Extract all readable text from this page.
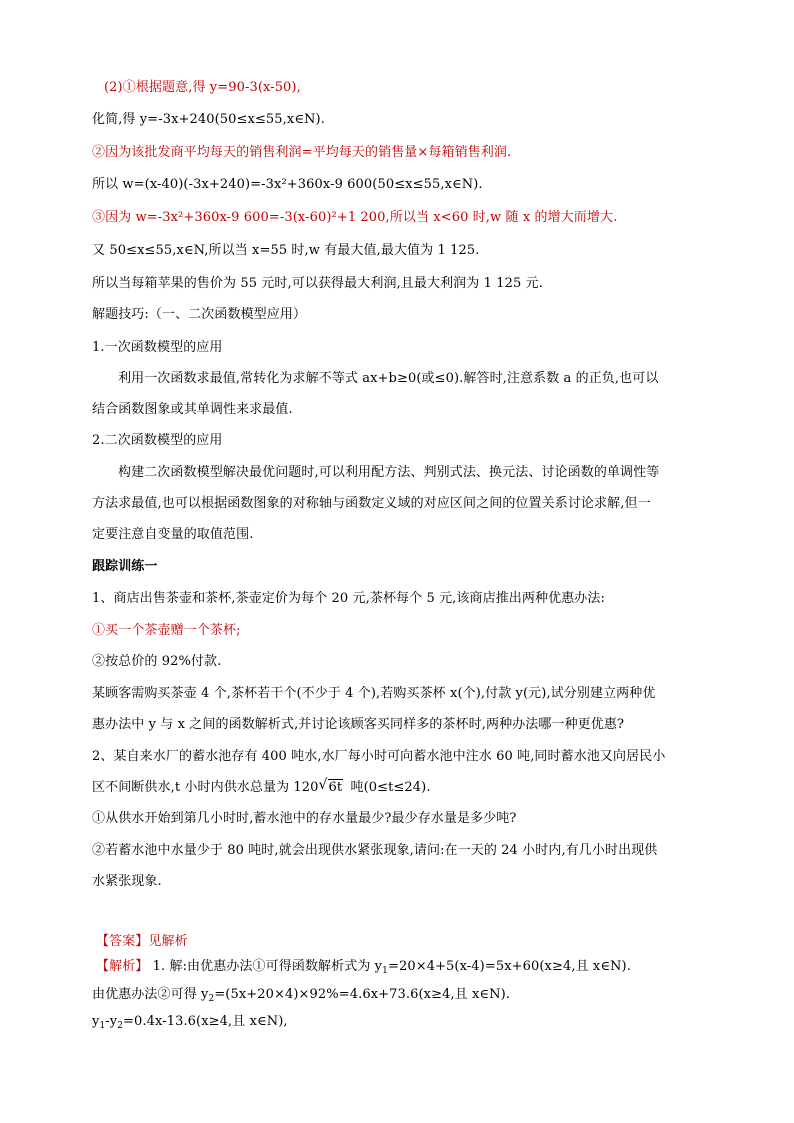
(2)①根据题意,得 y=90-3(x-50),
化简,得 y=-3x+240(50≤x≤55,x∈N).
②因为该批发商平均每天的销售利润=平均每天的销售量×每箱销售利润.
所以 w=(x-40)(-3x+240)=-3x²+360x-9 600(50≤x≤55,x∈N).
③因为 w=-3x²+360x-9 600=-3(x-60)²+1 200,所以当 x<60 时,w 随 x 的增大而增大.
又 50≤x≤55,x∈N,所以当 x=55 时,w 有最大值,最大值为 1 125.
所以当每箱苹果的售价为 55 元时,可以获得最大利润,且最大利润为 1 125 元.
解题技巧:（一、二次函数模型应用）
1.一次函数模型的应用
利用一次函数求最值,常转化为求解不等式 ax+b≥0(或≤0).解答时,注意系数 a 的正负,也可以
结合函数图象或其单调性来求最值.
2.二次函数模型的应用
构建二次函数模型解决最优问题时,可以利用配方法、判别式法、换元法、讨论函数的单调性等
方法求最值,也可以根据函数图象的对称轴与函数定义域的对应区间之间的位置关系讨论求解,但一
定要注意自变量的取值范围.
跟踪训练一
1、商店出售茶壶和茶杯,茶壶定价为每个 20 元,茶杯每个 5 元,该商店推出两种优惠办法:
①买一个茶壶赠一个茶杯;
②按总价的 92%付款.
某顾客需购买茶壶 4 个,茶杯若干个(不少于 4 个),若购买茶杯 x(个),付款 y(元),试分别建立两种优
惠办法中 y 与 x 之间的函数解析式,并讨论该顾客买同样多的茶杯时,两种办法哪一种更优惠?
2、某自来水厂的蓄水池存有 400 吨水,水厂每小时可向蓄水池中注水 60 吨,同时蓄水池又向居民小
区不间断供水,t 小时内供水总量为 120 √ 6t 吨(0≤t≤24).
①从供水开始到第几小时时,蓄水池中的存水量最少?最少存水量是多少吨?
②若蓄水池中水量少于 80 吨时,就会出现供水紧张现象,请问:在一天的 24 小时内,有几小时出现供
水紧张现象.
【答案】见解析
【解析】 1. 解:由优惠办法①可得函数解析式为 $y_1=20\times 4+5(x-4)=5x+60(x\ge 4$,且 x∈N).
由优惠办法②可得 $y_2=(5x+20\times 4)\times 92\%=4.6x+73.6(x\ge 4$,且 x∈N).
$y_1-y_2=0.4x-13.6(x\ge 4$,且 x∈N),
